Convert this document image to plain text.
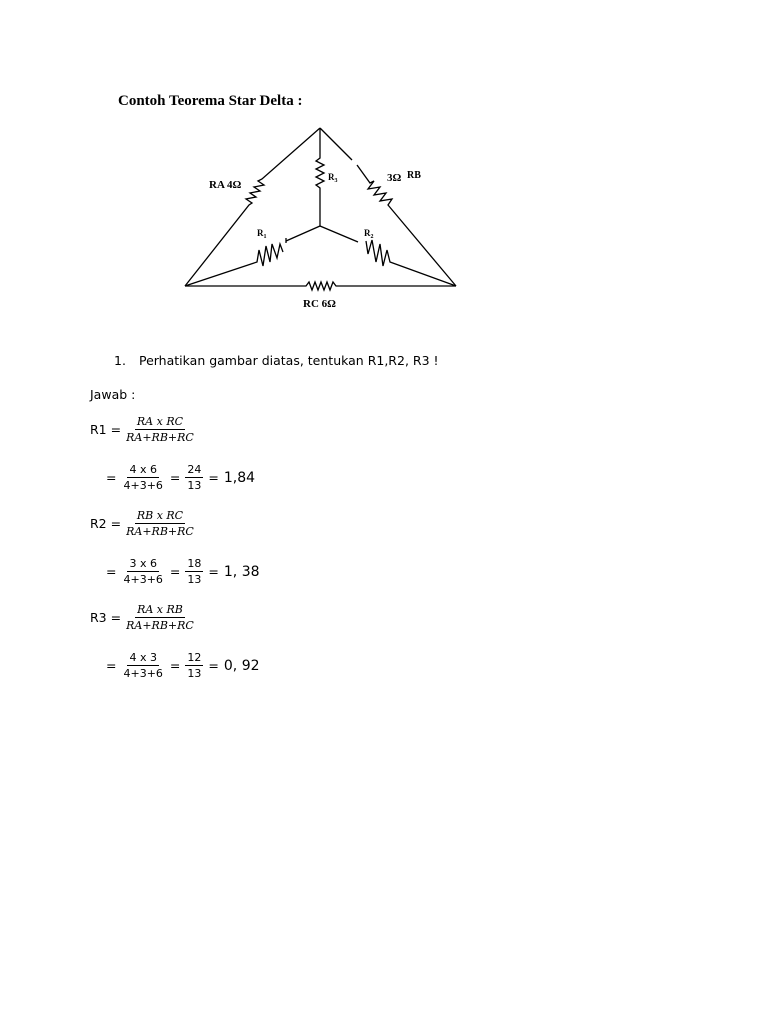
Contoh Teorema Star Delta :
RA 4Ω
3Ω RB
RC 6Ω
$R_3$
$R_1$	$R_2$
1. Perhatikan gambar diatas, tentukan R1,R2, R3 !
Jawab :
$R1 = \frac{\text{RA x RC}}{RA+RB+RC}$
= $\frac{4 x 6}{4+3+6} = \frac{24}{13} = 1,84$
$R2 = \frac{\text{RB x RC}}{RA+RB+RC}$
= $\frac{3 x 6}{4+3+6} = \frac{18}{13} = 1$, 38
$R3 = \frac{\text{RA x RB}}{RA+RB+RC}$
= $\frac{4 x 3}{4+3+6} = \frac{12}{13} = 0$, 92
